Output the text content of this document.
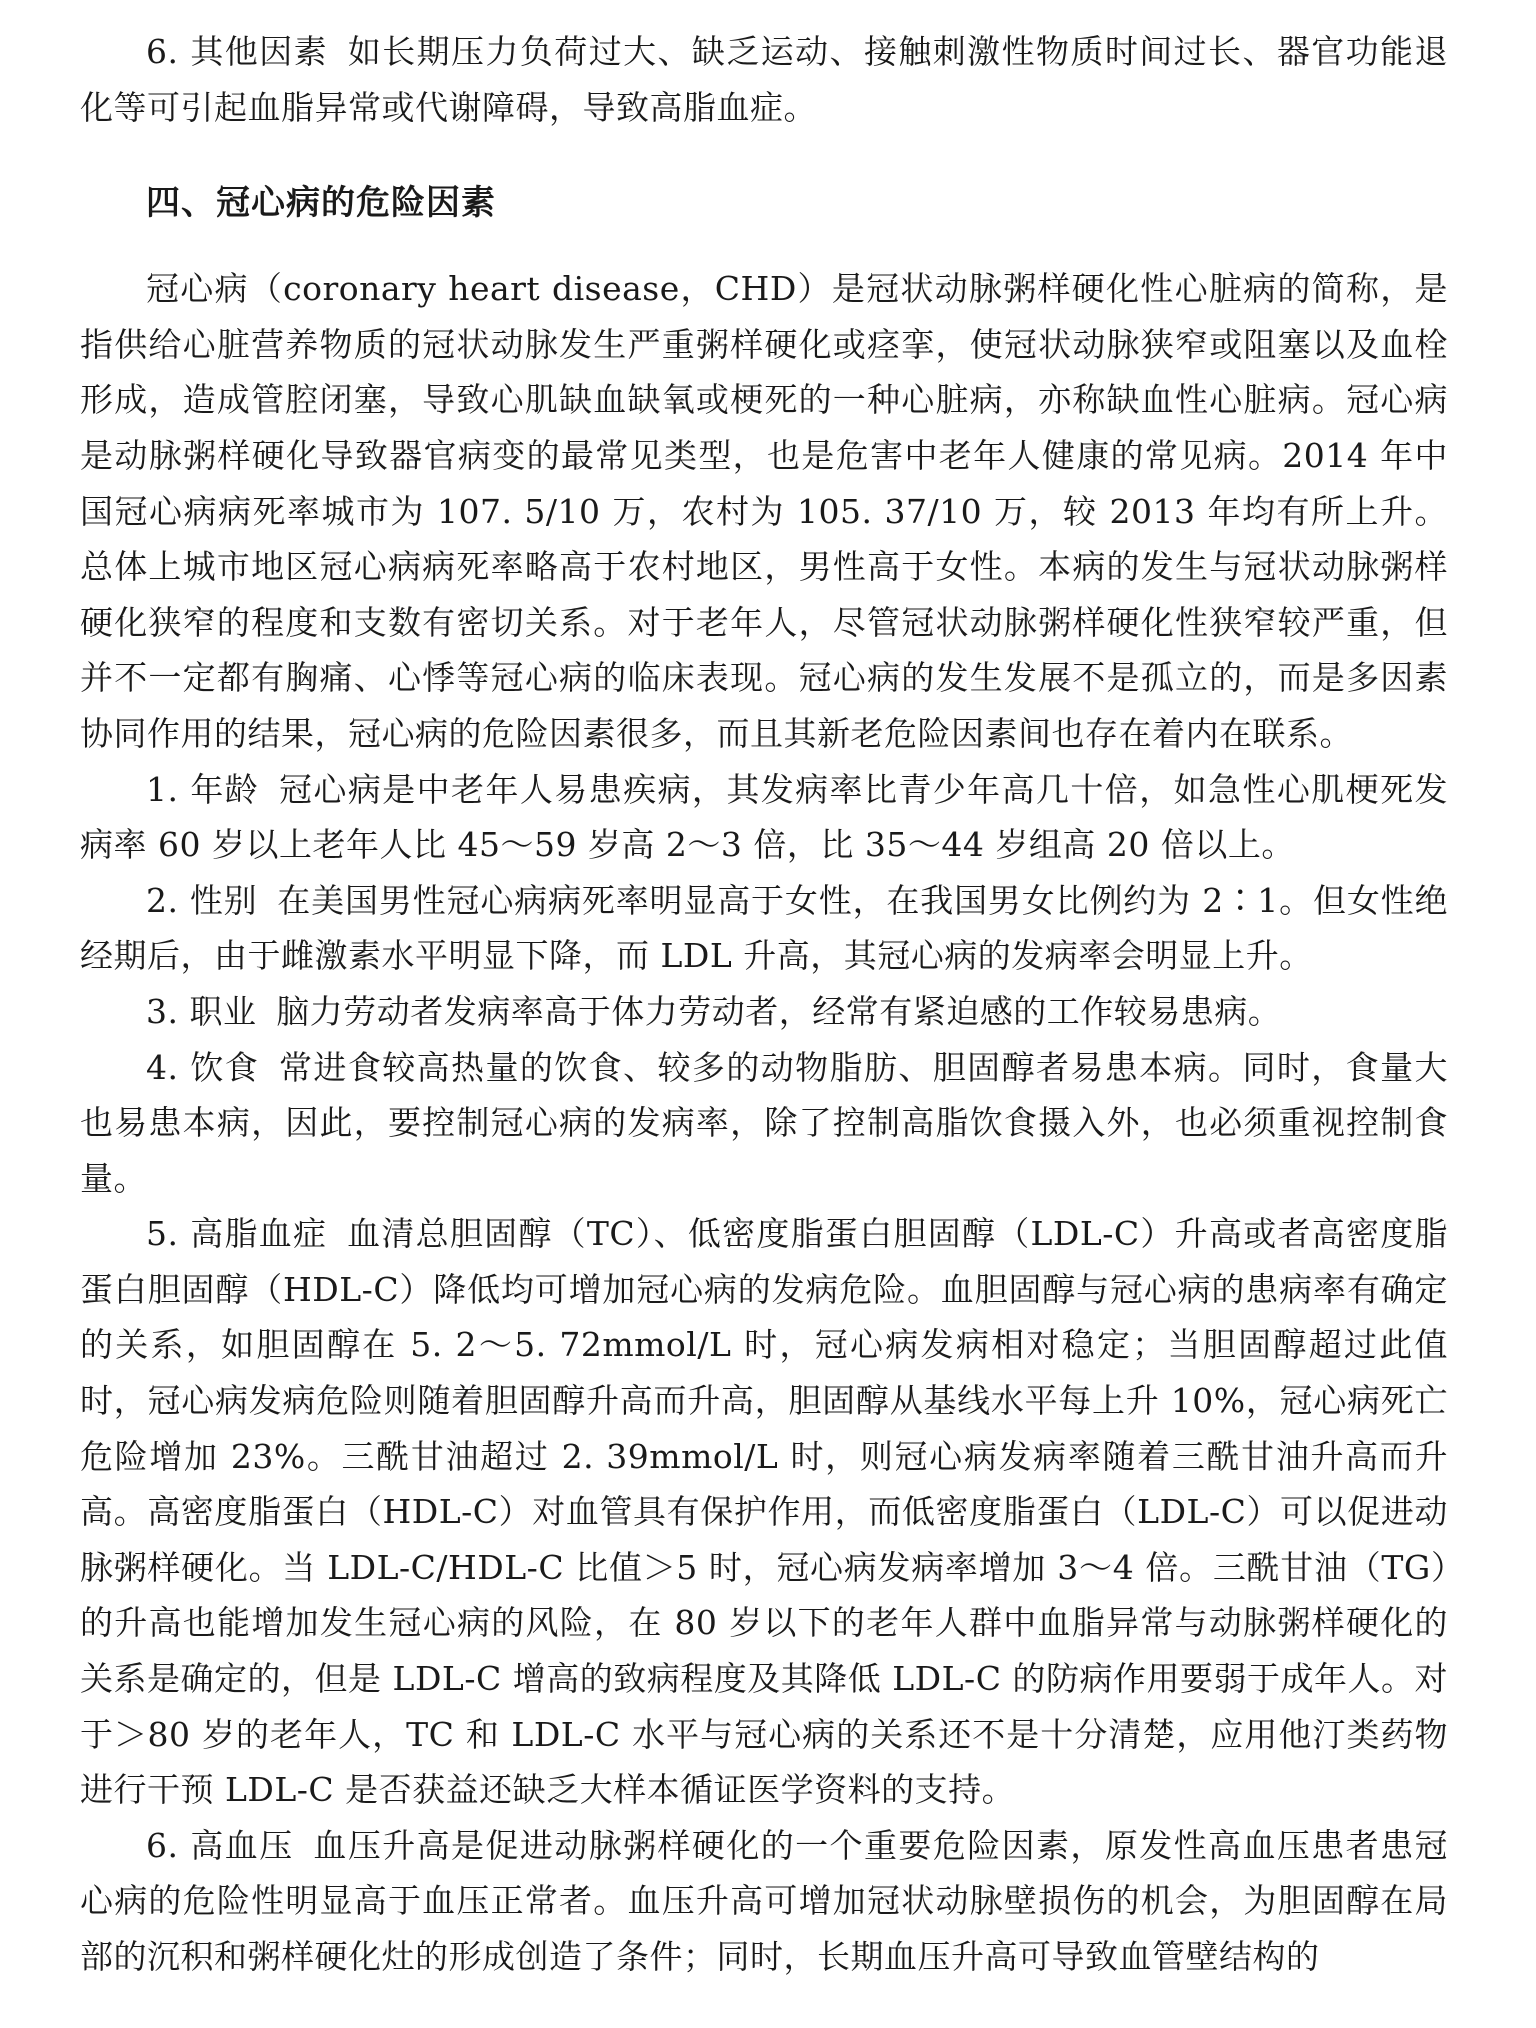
6. 其他因素 如长期压力负荷过大、缺乏运动、接触刺激性物质时间过长、器官功能退化等可引起血脂异常或代谢障碍，导致高脂血症。

四、冠心病的危险因素

冠心病（coronary heart disease，CHD）是冠状动脉粥样硬化性心脏病的简称，是指供给心脏营养物质的冠状动脉发生严重粥样硬化或痉挛，使冠状动脉狭窄或阻塞以及血栓形成，造成管腔闭塞，导致心肌缺血缺氧或梗死的一种心脏病，亦称缺血性心脏病。冠心病是动脉粥样硬化导致器官病变的最常见类型，也是危害中老年人健康的常见病。2014 年中国冠心病病死率城市为 107. 5/10 万，农村为 105. 37/10 万，较 2013 年均有所上升。总体上城市地区冠心病病死率略高于农村地区，男性高于女性。本病的发生与冠状动脉粥样硬化狭窄的程度和支数有密切关系。对于老年人，尽管冠状动脉粥样硬化性狭窄较严重，但并不一定都有胸痛、心悸等冠心病的临床表现。冠心病的发生发展不是孤立的，而是多因素协同作用的结果，冠心病的危险因素很多，而且其新老危险因素间也存在着内在联系。

1. 年龄 冠心病是中老年人易患疾病，其发病率比青少年高几十倍，如急性心肌梗死发病率 60 岁以上老年人比 45～59 岁高 2～3 倍，比 35～44 岁组高 20 倍以上。

2. 性别 在美国男性冠心病病死率明显高于女性，在我国男女比例约为 2∶1。但女性绝经期后，由于雌激素水平明显下降，而 LDL 升高，其冠心病的发病率会明显上升。

3. 职业 脑力劳动者发病率高于体力劳动者，经常有紧迫感的工作较易患病。

4. 饮食 常进食较高热量的饮食、较多的动物脂肪、胆固醇者易患本病。同时，食量大也易患本病，因此，要控制冠心病的发病率，除了控制高脂饮食摄入外，也必须重视控制食量。

5. 高脂血症 血清总胆固醇（TC）、低密度脂蛋白胆固醇（LDL-C）升高或者高密度脂蛋白胆固醇（HDL-C）降低均可增加冠心病的发病危险。血胆固醇与冠心病的患病率有确定的关系，如胆固醇在 5. 2～5. 72mmol/L 时，冠心病发病相对稳定；当胆固醇超过此值时，冠心病发病危险则随着胆固醇升高而升高，胆固醇从基线水平每上升 10%，冠心病死亡危险增加 23%。三酰甘油超过 2. 39mmol/L 时，则冠心病发病率随着三酰甘油升高而升高。高密度脂蛋白（HDL-C）对血管具有保护作用，而低密度脂蛋白（LDL-C）可以促进动脉粥样硬化。当 LDL-C/HDL-C 比值＞5 时，冠心病发病率增加 3～4 倍。三酰甘油（TG）的升高也能增加发生冠心病的风险，在 80 岁以下的老年人群中血脂异常与动脉粥样硬化的关系是确定的，但是 LDL-C 增高的致病程度及其降低 LDL-C 的防病作用要弱于成年人。对于＞80 岁的老年人，TC 和 LDL-C 水平与冠心病的关系还不是十分清楚，应用他汀类药物进行干预 LDL-C 是否获益还缺乏大样本循证医学资料的支持。

6. 高血压 血压升高是促进动脉粥样硬化的一个重要危险因素，原发性高血压患者患冠心病的危险性明显高于血压正常者。血压升高可增加冠状动脉壁损伤的机会，为胆固醇在局部的沉积和粥样硬化灶的形成创造了条件；同时，长期血压升高可导致血管壁结构的
